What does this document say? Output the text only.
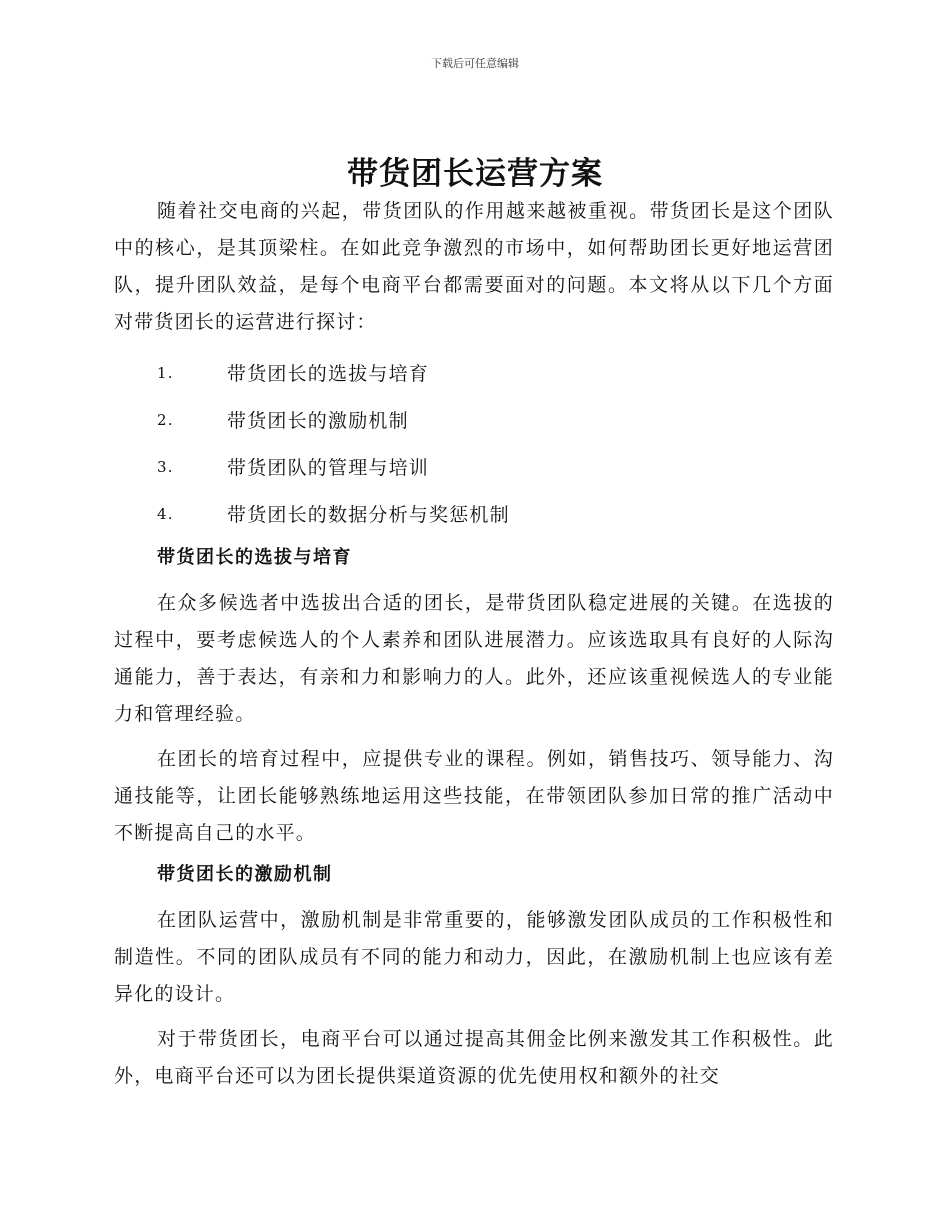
下载后可任意编辑
带货团长运营方案

随着社交电商的兴起，带货团队的作用越来越被重视。带货团长是这个团队中的核心，是其顶梁柱。在如此竞争激烈的市场中，如何帮助团长更好地运营团队，提升团队效益，是每个电商平台都需要面对的问题。本文将从以下几个方面对带货团长的运营进行探讨：

1.	带货团长的选拔与培育
2.	带货团长的激励机制
3.	带货团队的管理与培训
4.	带货团长的数据分析与奖惩机制
带货团长的选拔与培育

在众多候选者中选拔出合适的团长，是带货团队稳定进展的关键。在选拔的过程中，要考虑候选人的个人素养和团队进展潜力。应该选取具有良好的人际沟通能力，善于表达，有亲和力和影响力的人。此外，还应该重视候选人的专业能力和管理经验。

在团长的培育过程中，应提供专业的课程。例如，销售技巧、领导能力、沟通技能等，让团长能够熟练地运用这些技能，在带领团队参加日常的推广活动中不断提高自己的水平。

带货团长的激励机制

在团队运营中，激励机制是非常重要的，能够激发团队成员的工作积极性和制造性。不同的团队成员有不同的能力和动力，因此，在激励机制上也应该有差异化的设计。

对于带货团长，电商平台可以通过提高其佣金比例来激发其工作积极性。此外，电商平台还可以为团长提供渠道资源的优先使用权和额外的社交
